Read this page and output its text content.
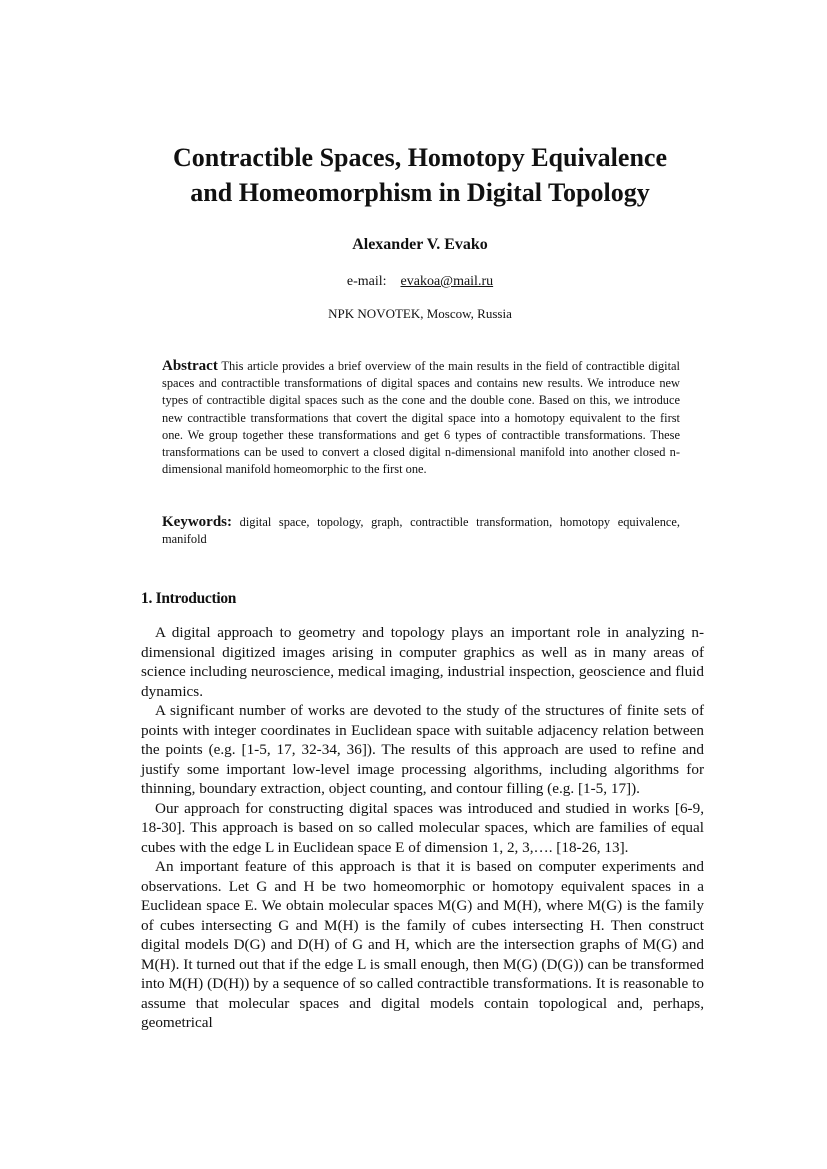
Contractible Spaces, Homotopy Equivalence
and Homeomorphism in Digital Topology

Alexander V. Evako

e-mail: evakoa@mail.ru

NPK NOVOTEK, Moscow, Russia

Abstract This article provides a brief overview of the main results in the field of contractible digital spaces and contractible transformations of digital spaces and contains new results. We introduce new types of contractible digital spaces such as the cone and the double cone. Based on this, we introduce new contractible transformations that covert the digital space into a homotopy equivalent to the first one. We group together these transformations and get 6 types of contractible transformations. These transformations can be used to convert a closed digital n-dimensional manifold into another closed n-dimensional manifold homeomorphic to the first one.

Keywords: digital space, topology, graph, contractible transformation, homotopy equivalence, manifold

1. Introduction

A digital approach to geometry and topology plays an important role in analyzing n- dimensional digitized images arising in computer graphics as well as in many areas of science including neuroscience, medical imaging, industrial inspection, geoscience and fluid dynamics.

A significant number of works are devoted to the study of the structures of finite sets of points with integer coordinates in Euclidean space with suitable adjacency relation between the points (e.g. [1-5, 17, 32-34, 36]). The results of this approach are used to refine and justify some important low-level image processing algorithms, including algorithms for thinning, boundary extraction, object counting, and contour filling (e.g. [1-5, 17]).

Our approach for constructing digital spaces was introduced and studied in works [6-9, 18-30]. This approach is based on so called molecular spaces, which are families of equal cubes with the edge L in Euclidean space E of dimension 1, 2, 3,…. [18-26, 13].

An important feature of this approach is that it is based on computer experiments and observations. Let G and H be two homeomorphic or homotopy equivalent spaces in a Euclidean space E. We obtain molecular spaces M(G) and M(H), where M(G) is the family of cubes intersecting G and M(H) is the family of cubes intersecting H. Then construct digital models D(G) and D(H) of G and H, which are the intersection graphs of M(G) and M(H). It turned out that if the edge L is small enough, then M(G) (D(G)) can be transformed into M(H) (D(H)) by a sequence of so called contractible transformations. It is reasonable to assume that molecular spaces and digital models contain topological and, perhaps, geometrical
